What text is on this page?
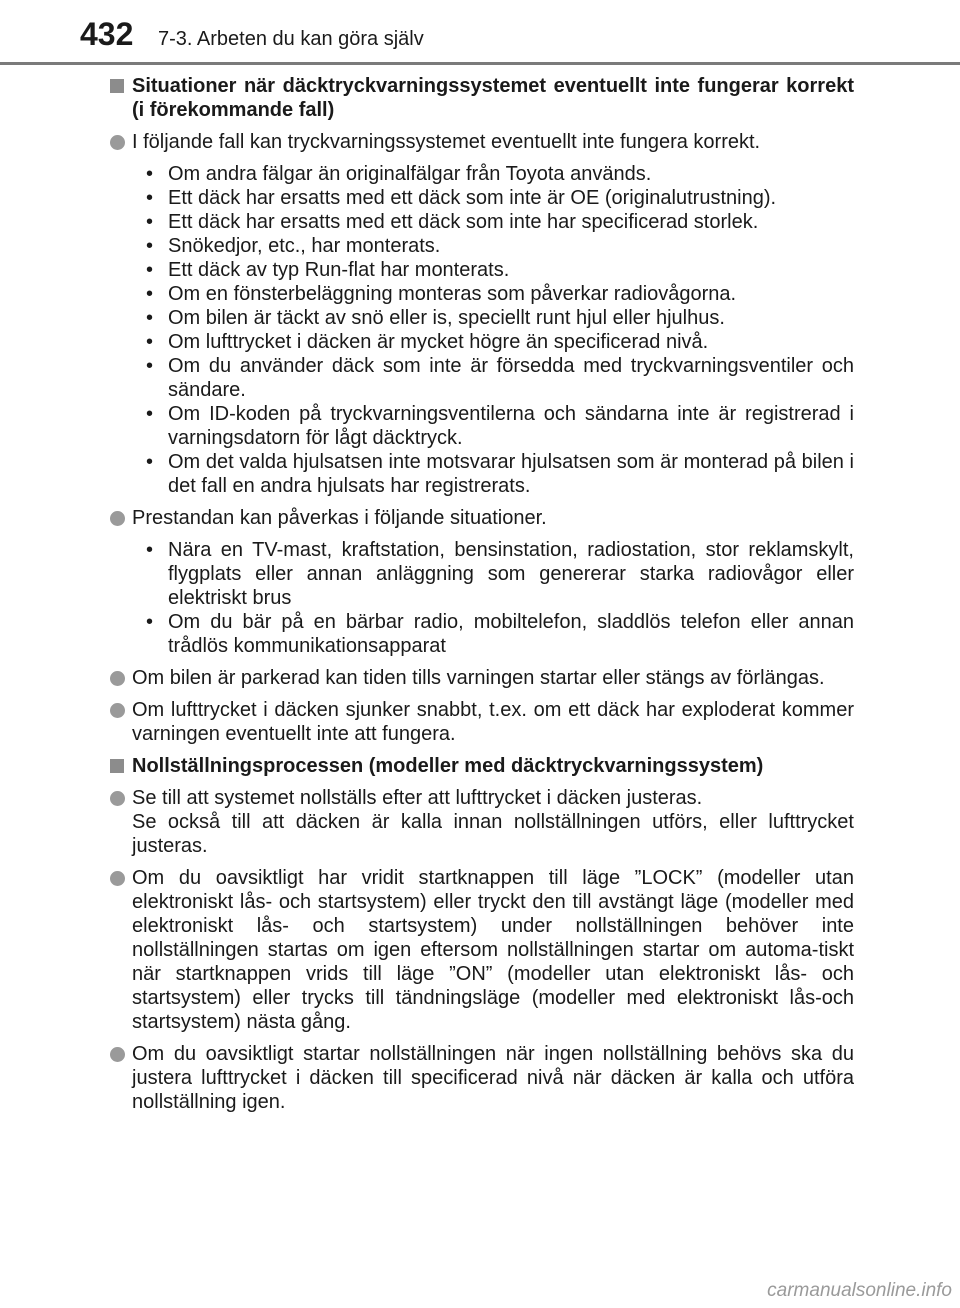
432 7-3. Arbeten du kan göra själv
Situationer när däcktryckvarningssystemet eventuellt inte fungerar korrekt (i förekommande fall)
I följande fall kan tryckvarningssystemet eventuellt inte fungera korrekt.
• Om andra fälgar än originalfälgar från Toyota används.
• Ett däck har ersatts med ett däck som inte är OE (originalutrustning).
• Ett däck har ersatts med ett däck som inte har specificerad storlek.
• Snökedjor, etc., har monterats.
• Ett däck av typ Run-flat har monterats.
• Om en fönsterbeläggning monteras som påverkar radiovågorna.
• Om bilen är täckt av snö eller is, speciellt runt hjul eller hjulhus.
• Om lufttrycket i däcken är mycket högre än specificerad nivå.
• Om du använder däck som inte är försedda med tryckvarningsventiler och sändare.
• Om ID-koden på tryckvarningsventilerna och sändarna inte är registrerad i varningsdatorn för lågt däcktryck.
• Om det valda hjulsatsen inte motsvarar hjulsatsen som är monterad på bilen i det fall en andra hjulsats har registrerats.
Prestandan kan påverkas i följande situationer.
• Nära en TV-mast, kraftstation, bensinstation, radiostation, stor reklamskylt, flygplats eller annan anläggning som genererar starka radiovågor eller elektriskt brus
• Om du bär på en bärbar radio, mobiltelefon, sladdlös telefon eller annan trådlös kommunikationsapparat
Om bilen är parkerad kan tiden tills varningen startar eller stängs av förlängas.
Om lufttrycket i däcken sjunker snabbt, t.ex. om ett däck har exploderat kommer varningen eventuellt inte att fungera.
Nollställningsprocessen (modeller med däcktryckvarningssystem)
Se till att systemet nollställs efter att lufttrycket i däcken justeras.
Se också till att däcken är kalla innan nollställningen utförs, eller lufttrycket justeras.
Om du oavsiktligt har vridit startknappen till läge ”LOCK” (modeller utan elektroniskt lås- och startsystem) eller tryckt den till avstängt läge (modeller med elektroniskt lås- och startsystem) under nollställningen behöver inte nollställningen startas om igen eftersom nollställningen startar om automa-tiskt när startknappen vrids till läge ”ON” (modeller utan elektroniskt lås- och startsystem) eller trycks till tändningsläge (modeller med elektroniskt lås-och startsystem) nästa gång.
Om du oavsiktligt startar nollställningen när ingen nollställning behövs ska du justera lufttrycket i däcken till specificerad nivå när däcken är kalla och utföra nollställning igen.
carmanualsonline.info
